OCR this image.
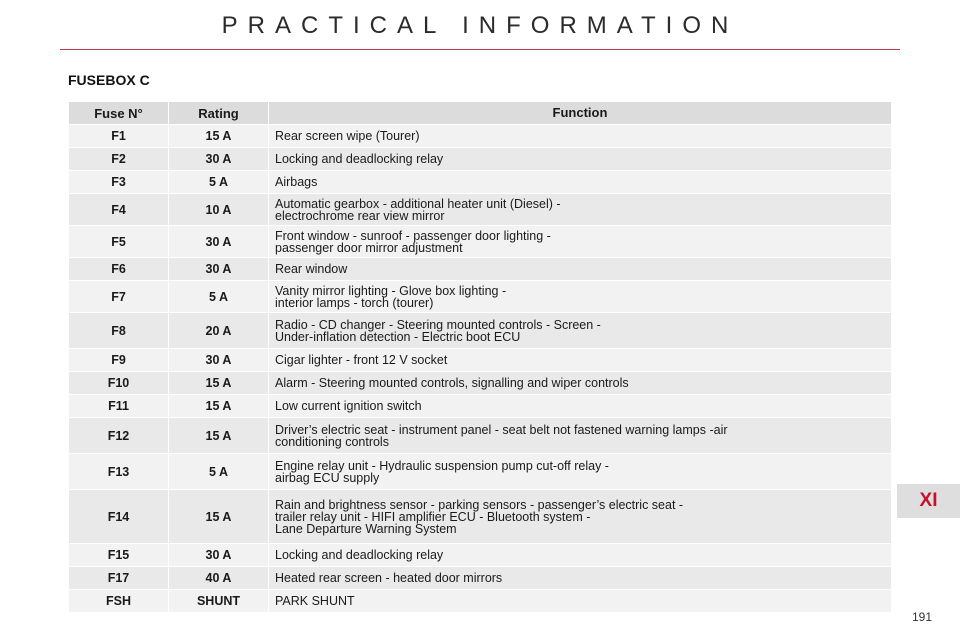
PRACTICAL INFORMATION
FUSEBOX C
Fuse N°	Rating	Function
F1	15 A	Rear screen wipe (Tourer)

F2	30 A	Locking and deadlocking relay

F3	5 A	Airbags

F4	10 A	Automatic gearbox - additional heater unit (Diesel) -
electrochrome rear view mirror

F5	30 A	Front window - sunroof - passenger door lighting -
passenger door mirror adjustment

F6	30 A	Rear window

F7	5 A	Vanity mirror lighting - Glove box lighting -
interior lamps - torch (tourer)

F8	20 A	Radio - CD changer - Steering mounted controls - Screen -
Under-inflation detection - Electric boot ECU

F9	30 A	Cigar lighter - front 12 V socket

F10	15 A	Alarm - Steering mounted controls, signalling and wiper controls

F11	15 A	Low current ignition switch

F12	15 A	Driver’s electric seat - instrument panel - seat belt not fastened warning lamps -air
conditioning controls

F13	5 A	Engine relay unit - Hydraulic suspension pump cut-off relay -
airbag ECU supply

F14	15 A	Rain and brightness sensor - parking sensors - passenger’s electric seat -
trailer relay unit - HIFI amplifier ECU - Bluetooth system -
Lane Departure Warning System

F15	30 A	Locking and deadlocking relay

F17	40 A	Heated rear screen - heated door mirrors

FSH	SHUNT	PARK SHUNT
XI
191
